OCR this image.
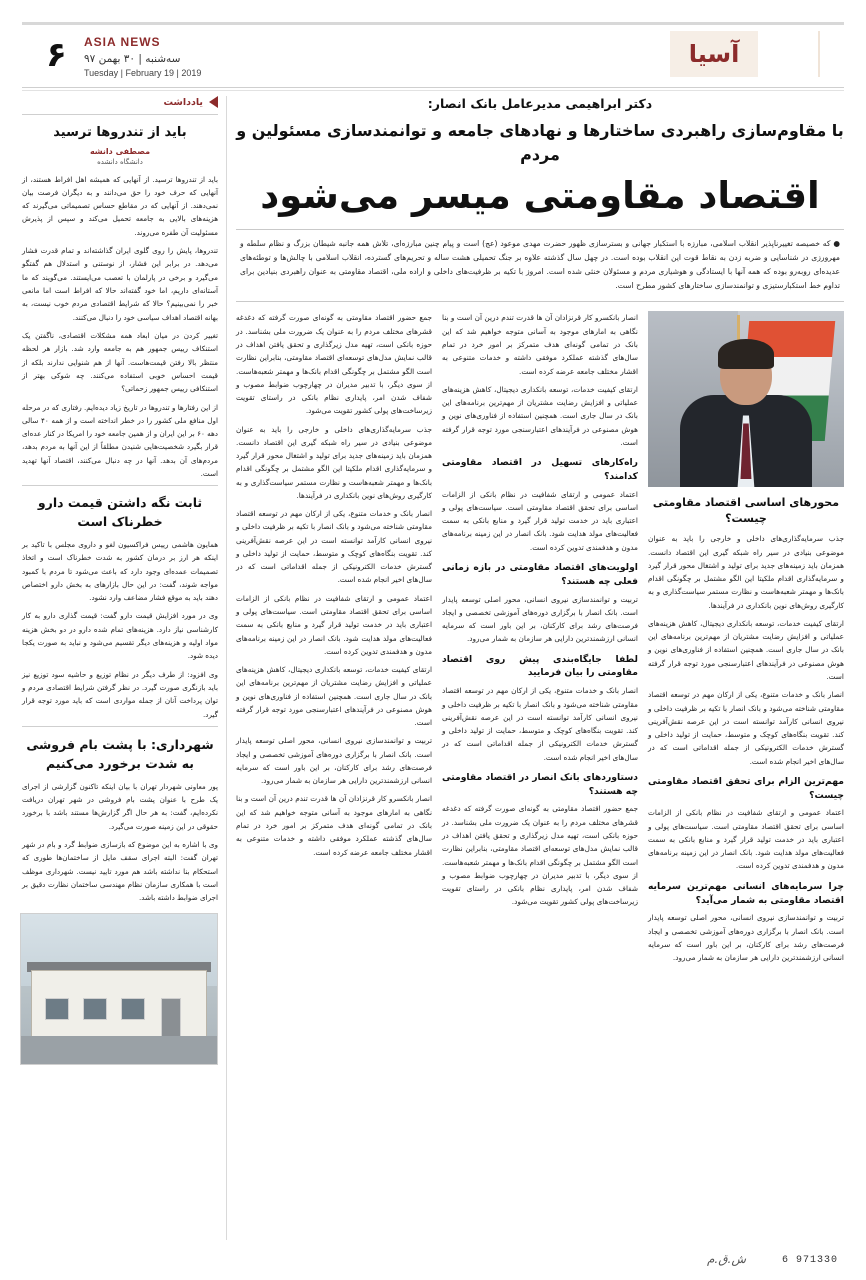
آسیا
۶ ASIA NEWS
سه‌شنبه | ۳۰ بهمن ۹۷
Tuesday | February 19 | 2019
یادداشت
باید از تندروها ترسید
مصطفی دانشه
دانشگاه دانشده

باید از تندروها ترسید. از آنهایی که همیشه اهل افراط هستند، از آنهایی که حرف خود را حق می‌دانند و به دیگران فرصت بیان نمی‌دهند. از آنهایی که در مقاطع حساس تصمیماتی می‌گیرند که هزینه‌های بالایی به جامعه تحمیل می‌کند و سپس از پذیرش مسئولیت آن طفره می‌روند.

تندروها، پایش را روی گلوی ایران گذاشته‌اند و تمام قدرت فشار می‌دهد. در برابر این فشار، از نوستنی و استدلال هم گفتگو می‌گیرد و برخی در پارلمان با تعصب می‌ایستند. می‌گویند که ما آستانه‌ای داریم، اما خود گفته‌اند حالا که افراط است اما مانعی خبر را نمی‌بینیم؟ حالا که شرایط اقتصادی مردم خوب نیست، به بهانه اقتصاد اهداف سیاسی خود را دنبال می‌کنند.

تغییر کردن در میان ابعاد همه مشکلات اقتصادی، ناگفتن یک استنکاف رییس جمهور هم به جامعه وارد شد. بازار هر لحظه منتظر بالا رفتن قیمت‌هاست. آنها از هم شنوایی ندارند بلکه از قیمت احساس خوبی استفاده می‌کنند. چه شوکی بهتر از استنکافی رییس جمهور زحماتی؟

از این رفتارها و تندروها در تاریخ زیاد دیده‌ایم. رفتاری که در مرحله اول منافع ملی کشور را در خطر انداخته است و از همه ۴۰ سالی دهه ۶۰ بر این ایران و از همین جامعه خود را امریکا در کنار عده‌ای قرار بگیرد شخصیت‌هایی شنیدن مطلقاً از این آنها به مردم بدهد، مردم‌های آن بدهد. آنها در چه دنبال می‌کنند، اقتصاد آنها تهدید است.

ثابت نگه داشتن قیمت دارو خطرناک است

همایون هاشمی رییس فراکسیون لغو و داروی مجلس با تاکید بر اینکه هر ارز بر درمان کشور به شدت خطرناک است و اتخاذ تصمیمات عمده‌ای وجود دارد که باعث می‌شود تا مردم با کمبود مواجه شوند، گفت: در این حال بازارهای به بخش دارو اختصاص دهند باید به موقع فشار مضاعف وارد نشود.

وی در مورد افزایش قیمت دارو گفت: قیمت گذاری دارو به کار کارشناسی نیاز دارد. هزینه‌های تمام شده دارو در دو بخش هزینه مواد اولیه و هزینه‌های دیگر تقسیم می‌شود و نباید به صورت یکجا دیده شود.

وی افزود: از طرف دیگر در نظام توزیع و حاشیه سود توزیع نیز باید بازنگری صورت گیرد. در نظر گرفتن شرایط اقتصادی مردم و توان پرداخت آنان از جمله مواردی است که باید مورد توجه قرار گیرد.

شهرداری: با پشت بام فروشی به شدت برخورد می‌کنیم

پور معاونی شهردار تهران با بیان اینکه تاکنون گزارشی از اجرای یک طرح با عنوان پشت بام فروشی در شهر تهران دریافت نکرده‌ایم، گفت: به هر حال اگر گزارش‌ها مستند باشد با برخورد حقوقی در این زمینه صورت می‌گیرد.

وی با اشاره به این موضوع که بازسازی ضوابط گرد و بام در شهر تهران گفت: البته اجرای سقف مایل از ساختمان‌ها طوری که استحکام بنا نداشته باشد هم مورد تایید نیست. شهرداری موظف است با همکاری سازمان نظام مهندسی ساختمان نظارت دقیق بر اجرای ضوابط داشته باشد.

دکتر ابراهیمی مدیرعامل بانک انصار:
با مقاوم‌سازی راهبردی ساختارها و نهادهای جامعه و توانمندسازی مسئولین و مردم
اقتصاد مقاومتی میسر می‌شود
● که خصیصه تغییرناپذیر انقلاب اسلامی، مبارزه با استکبار جهانی و بسترسازی ظهور حضرت مهدی موعود (عج) است و پیام چنین مبارزه‌ای، تلاش همه جانبه شیطان بزرگ و نظام سلطه و مهرورزی در شناسایی و ضربه زدن به نقاط قوت این انقلاب بوده است. در چهل سال گذشته علاوه بر جنگ تحمیلی هشت ساله و تحریم‌های گسترده، انقلاب اسلامی با چالش‌ها و توطئه‌های عدیده‌ای روبه‌رو بوده که همه آنها با ایستادگی و هوشیاری مردم و مسئولان خنثی شده است. امروز با تکیه بر ظرفیت‌های داخلی و اراده ملی، اقتصاد مقاومتی به عنوان راهبردی بنیادین برای تداوم خط استکبارستیزی و توانمندسازی ساختارهای کشور مطرح است.

جمع حضور اقتصاد مقاومتی به گونه‌ای صورت گرفته که دغدغه قشرهای مختلف مردم را به عنوان یک ضرورت ملی بشناسد. در حوزه بانکی است، تهیه مدل زیرگذاری و تحقق یافتن اهداف در قالب نمایش مدل‌های توسعه‌ای اقتصاد مقاومتی، بنابراین نظارت است الگو مشتمل بر چگونگی اقدام بانک‌ها و مهمتر شعبه‌هاست. از سوی دیگر، با تدبیر مدیران در چهارچوب ضوابط مصوب و شفاف شدن امر، پایداری نظام بانکی در راستای تقویت زیرساخت‌های پولی کشور تقویت می‌شود.

جذب سرمایه‌گذاری‌های داخلی و خارجی را باید به عنوان موضوعی بنیادی در سیر راه شبکه گیری این اقتصاد دانست. همزمان باید زمینه‌های جدید برای تولید و اشتغال محور قرار گیرد و سرمایه‌گذاری اقدام ملکیتا این الگو مشتمل بر چگونگی اقدام بانک‌ها و مهمتر شعبه‌هاست و نظارت مستمر سیاست‌گذاری و به کارگیری روش‌های نوین بانکداری در فرآیندها.

انصار بانک و خدمات متنوع، یکی از ارکان مهم در توسعه اقتصاد مقاومتی شناخته می‌شود و بانک انصار با تکیه بر ظرفیت داخلی و نیروی انسانی کارآمد توانسته است در این عرصه نقش‌آفرینی کند. تقویت بنگاه‌های کوچک و متوسط، حمایت از تولید داخلی و گسترش خدمات الکترونیکی از جمله اقداماتی است که در سال‌های اخیر انجام شده است.

اعتماد عمومی و ارتقای شفافیت در نظام بانکی از الزامات اساسی برای تحقق اقتصاد مقاومتی است. سیاست‌های پولی و اعتباری باید در خدمت تولید قرار گیرد و منابع بانکی به سمت فعالیت‌های مولد هدایت شود. بانک انصار در این زمینه برنامه‌های مدون و هدفمندی تدوین کرده است.

ارتقای کیفیت خدمات، توسعه بانکداری دیجیتال، کاهش هزینه‌های عملیاتی و افزایش رضایت مشتریان از مهم‌ترین برنامه‌های این بانک در سال جاری است. همچنین استفاده از فناوری‌های نوین و هوش مصنوعی در فرآیندهای اعتبارسنجی مورد توجه قرار گرفته است.

تربیت و توانمندسازی نیروی انسانی، محور اصلی توسعه پایدار است. بانک انصار با برگزاری دوره‌های آموزشی تخصصی و ایجاد فرصت‌های رشد برای کارکنان، بر این باور است که سرمایه انسانی ارزشمندترین دارایی هر سازمان به شمار می‌رود.

انصار بانکسرو کار قرنزادان آن ها قدرت تندم درین آن است و بنا نگاهی به امارهای موجود به آسانی متوجه خواهیم شد که این بانک در تمامی گونه‌ای هدف متمرکز بر امور خرد در تمام سال‌های گذشته عملکرد موفقی داشته و خدمات متنوعی به اقشار مختلف جامعه عرضه کرده است.

انصار بانکسرو کار قرنزادان آن ها قدرت تندم درین آن است و بنا نگاهی به امارهای موجود به آسانی متوجه خواهیم شد که این بانک در تمامی گونه‌ای هدف متمرکز بر امور خرد در تمام سال‌های گذشته عملکرد موفقی داشته و خدمات متنوعی به اقشار مختلف جامعه عرضه کرده است.

ارتقای کیفیت خدمات، توسعه بانکداری دیجیتال، کاهش هزینه‌های عملیاتی و افزایش رضایت مشتریان از مهم‌ترین برنامه‌های این بانک در سال جاری است. همچنین استفاده از فناوری‌های نوین و هوش مصنوعی در فرآیندهای اعتبارسنجی مورد توجه قرار گرفته است.

راه‌کارهای تسهیل در اقتصاد مقاومتی کدامند؟

اعتماد عمومی و ارتقای شفافیت در نظام بانکی از الزامات اساسی برای تحقق اقتصاد مقاومتی است. سیاست‌های پولی و اعتباری باید در خدمت تولید قرار گیرد و منابع بانکی به سمت فعالیت‌های مولد هدایت شود. بانک انصار در این زمینه برنامه‌های مدون و هدفمندی تدوین کرده است.

اولویت‌های اقتصاد مقاومتی در بازه زمانی فعلی چه هستند؟

تربیت و توانمندسازی نیروی انسانی، محور اصلی توسعه پایدار است. بانک انصار با برگزاری دوره‌های آموزشی تخصصی و ایجاد فرصت‌های رشد برای کارکنان، بر این باور است که سرمایه انسانی ارزشمندترین دارایی هر سازمان به شمار می‌رود.

لطفا جایگاه‌بندی پیش روی اقتصاد مقاومتی را بیان فرمایید

انصار بانک و خدمات متنوع، یکی از ارکان مهم در توسعه اقتصاد مقاومتی شناخته می‌شود و بانک انصار با تکیه بر ظرفیت داخلی و نیروی انسانی کارآمد توانسته است در این عرصه نقش‌آفرینی کند. تقویت بنگاه‌های کوچک و متوسط، حمایت از تولید داخلی و گسترش خدمات الکترونیکی از جمله اقداماتی است که در سال‌های اخیر انجام شده است.

دستاوردهای بانک انصار در اقتصاد مقاومتی چه هستند؟

جمع حضور اقتصاد مقاومتی به گونه‌ای صورت گرفته که دغدغه قشرهای مختلف مردم را به عنوان یک ضرورت ملی بشناسد. در حوزه بانکی است، تهیه مدل زیرگذاری و تحقق یافتن اهداف در قالب نمایش مدل‌های توسعه‌ای اقتصاد مقاومتی، بنابراین نظارت است الگو مشتمل بر چگونگی اقدام بانک‌ها و مهمتر شعبه‌هاست. از سوی دیگر، با تدبیر مدیران در چهارچوب ضوابط مصوب و شفاف شدن امر، پایداری نظام بانکی در راستای تقویت زیرساخت‌های پولی کشور تقویت می‌شود.

محورهای اساسی اقتصاد مقاومتی چیست؟

جذب سرمایه‌گذاری‌های داخلی و خارجی را باید به عنوان موضوعی بنیادی در سیر راه شبکه گیری این اقتصاد دانست. همزمان باید زمینه‌های جدید برای تولید و اشتغال محور قرار گیرد و سرمایه‌گذاری اقدام ملکیتا این الگو مشتمل بر چگونگی اقدام بانک‌ها و مهمتر شعبه‌هاست و نظارت مستمر سیاست‌گذاری و به کارگیری روش‌های نوین بانکداری در فرآیندها.

ارتقای کیفیت خدمات، توسعه بانکداری دیجیتال، کاهش هزینه‌های عملیاتی و افزایش رضایت مشتریان از مهم‌ترین برنامه‌های این بانک در سال جاری است. همچنین استفاده از فناوری‌های نوین و هوش مصنوعی در فرآیندهای اعتبارسنجی مورد توجه قرار گرفته است.

انصار بانک و خدمات متنوع، یکی از ارکان مهم در توسعه اقتصاد مقاومتی شناخته می‌شود و بانک انصار با تکیه بر ظرفیت داخلی و نیروی انسانی کارآمد توانسته است در این عرصه نقش‌آفرینی کند. تقویت بنگاه‌های کوچک و متوسط، حمایت از تولید داخلی و گسترش خدمات الکترونیکی از جمله اقداماتی است که در سال‌های اخیر انجام شده است.

مهم‌ترین الزام برای تحقق اقتصاد مقاومتی چیست؟

اعتماد عمومی و ارتقای شفافیت در نظام بانکی از الزامات اساسی برای تحقق اقتصاد مقاومتی است. سیاست‌های پولی و اعتباری باید در خدمت تولید قرار گیرد و منابع بانکی به سمت فعالیت‌های مولد هدایت شود. بانک انصار در این زمینه برنامه‌های مدون و هدفمندی تدوین کرده است.

چرا سرمایه‌های انسانی مهم‌ترین سرمایه اقتصاد مقاومتی به شمار می‌آید؟

تربیت و توانمندسازی نیروی انسانی، محور اصلی توسعه پایدار است. بانک انصار با برگزاری دوره‌های آموزشی تخصصی و ایجاد فرصت‌های رشد برای کارکنان، بر این باور است که سرمایه انسانی ارزشمندترین دارایی هر سازمان به شمار می‌رود.

ش.ق.م	971330 6
